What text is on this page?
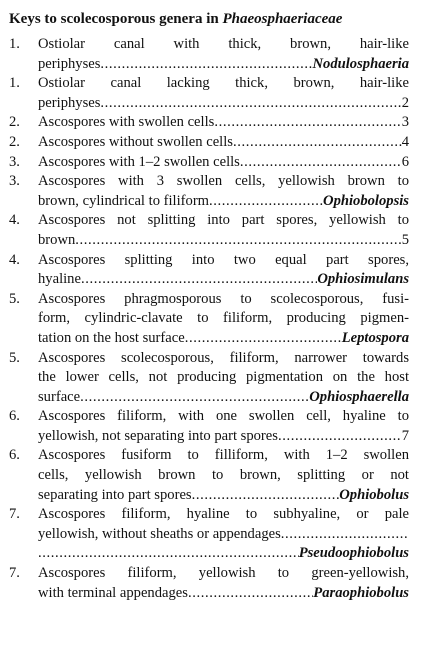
Keys to scolecosporous genera in Phaeosphaeriaceae
1. Ostiolar canal with thick, brown, hair-like
periphyses .....	Nodulosphaeria
1. Ostiolar canal lacking thick, brown, hair-like
periphyses .....	2
2. Ascospores with swollen cells .....	3
2. Ascospores without swollen cells .....	4
3. Ascospores with 1–2 swollen cells .....	6
3. Ascospores with 3 swollen cells, yellowish brown to
brown, cylindrical to filiform .....	Ophiobolopsis
4. Ascospores not splitting into part spores, yellowish to
brown .....	5
4. Ascospores splitting into two equal part spores,
hyaline .....	Ophiosimulans
5. Ascospores phragmosporous to scolecosporous, fusi-
form, cylindric-clavate to filiform, producing pigmen-
tation on the host surface .....	Leptospora
5. Ascospores scolecosporous, filiform, narrower towards
the lower cells, not producing pigmentation on the host
surface .....	Ophiosphaerella
6. Ascospores filiform, with one swollen cell, hyaline to
yellowish, not separating into part spores .....	7
6. Ascospores fusiform to filliform, with 1–2 swollen
cells, yellowish brown to brown, splitting or not
separating into part spores .....	Ophiobolus
7. Ascospores filiform, hyaline to subhyaline, or pale
yellowish, without sheaths or appendages
.....
.....
Pseudoophiobolus
7. Ascospores filiform, yellowish to green-yellowish,
with terminal appendages .....	Paraophiobolus
